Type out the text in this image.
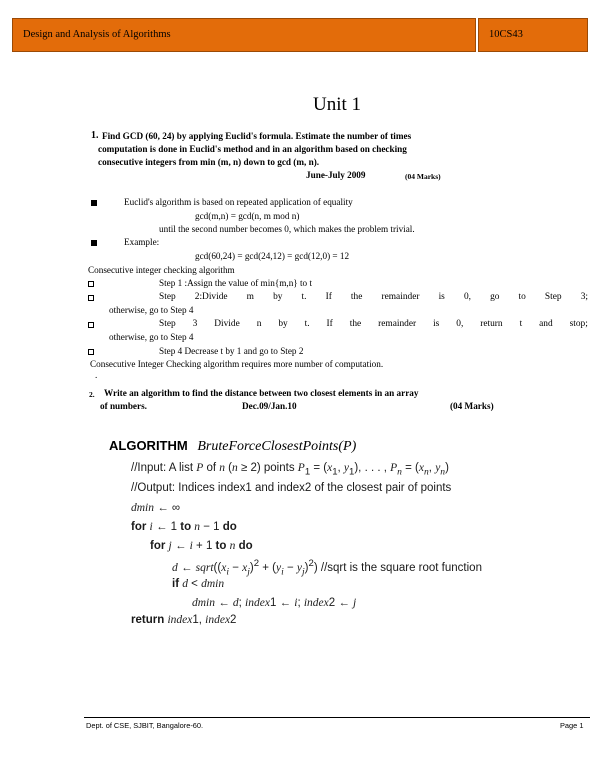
Design and Analysis of Algorithms	10CS43
Unit 1
1. Find GCD (60, 24) by applying Euclid's formula. Estimate the number of times
computation is done in Euclid's method and in an algorithm based on checking
consecutive integers from min (m, n) down to gcd (m, n).
June-July 2009	(04 Marks)
Euclid's algorithm is based on repeated application of equality
gcd(m,n) = gcd(n, m mod n)
until the second number becomes 0, which makes the problem trivial.
Example:
gcd(60,24) = gcd(24,12) = gcd(12,0) = 12
Consecutive integer checking algorithm
Step 1 :Assign the value of min{m,n} to t
Step 2:Divide m by t. If the remainder is 0, go to Step 3;
otherwise, go to Step 4
Step 3 Divide n by t. If the remainder is 0, return t and stop;
otherwise, go to Step 4
Step 4 Decrease t by 1 and go to Step 2
Consecutive Integer Checking algorithm requires more number of computation.
.
2. Write an algorithm to find the distance between two closest elements in an array
of numbers.	Dec.09/Jan.10	(04 Marks)
ALGORITHM BruteForceClosestPoints(P)
//Input: A list P of n (n ≥ 2) points $P_1 = (x_1$, $y_1$), . . . , $P_n = (x_n$, $y_n$)
//Output: Indices index1 and index2 of the closest pair of points
dmin ← ∞
for i ← 1 to n − 1 do
for j ← i + 1 to n do
d ← $sqrt((x_i - x_j)^2 + (y_i - y_j)^2)$ //sqrt is the square root function
if d < dmin
dmin ← d; index1 ← i; index2 ← j
return index1, index2
Dept. of CSE, SJBIT, Bangalore-60.	Page 1
